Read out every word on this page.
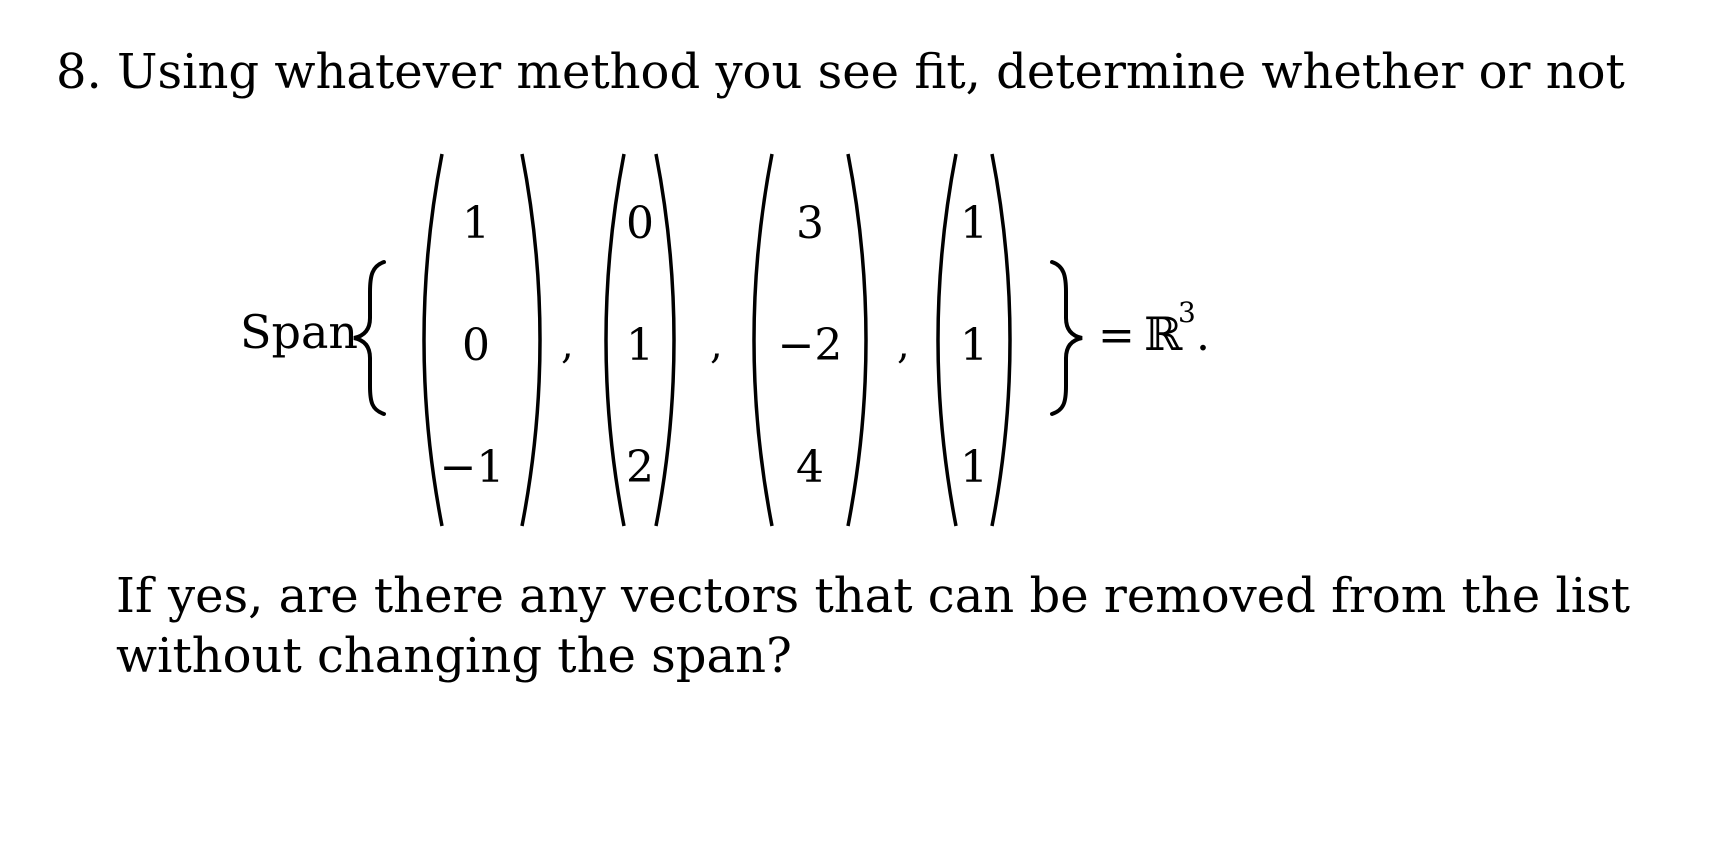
8. Using whatever method you see fit, determine whether or not
Span
1
0
−1
,
0
1
2
,
3
−2
4
,
1
1
1
= ℝ
3 .
If yes, are there any vectors that can be removed from the list
without changing the span?
